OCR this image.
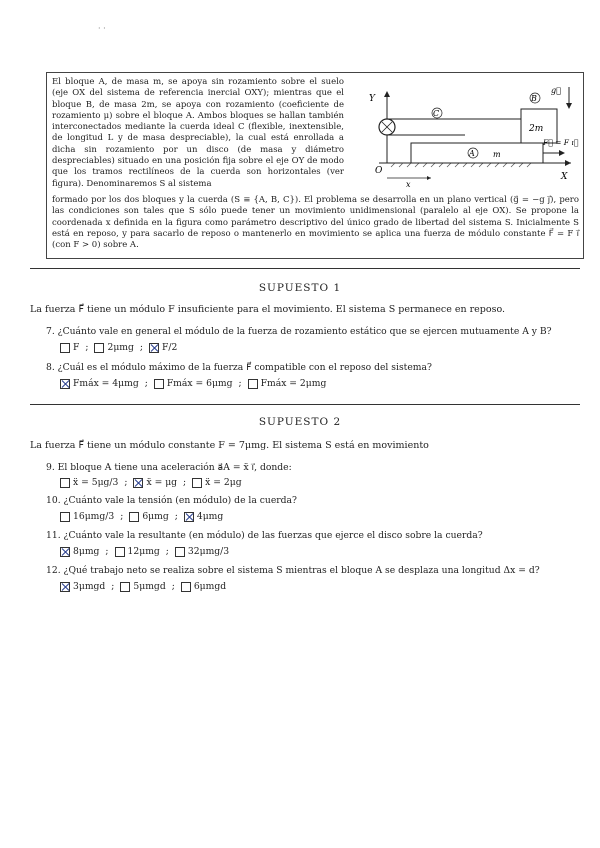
· ·

El bloque A, de masa m, se apoya sin rozamiento sobre el suelo (eje OX del sistema de referencia inercial OXY); mientras que el bloque B, de masa 2m, se apoya con rozamiento (coeficiente de rozamiento μ) sobre el bloque A. Ambos bloques se hallan también interconectados mediante la cuerda ideal C (flexible, inextensible, de longitud L y de masa despreciable), la cual está enrollada a dicha sin rozamiento por un disco (de masa y diámetro despreciables) situado en una posición fija sobre el eje OY de modo que los tramos rectilíneos de la cuerda son horizontales (ver figura). Denominaremos S al sistema

Y
X
O
C
B
2m
A m
g⃗
F⃗ = F ı⃗
x
formado por los dos bloques y la cuerda (S ≡ {A, B, C}). El problema se desarrolla en un plano vertical (g⃗ = −g ȷ⃗), pero las condiciones son tales que S sólo puede tener un movimiento unidimensional (paralelo al eje OX). Se propone la coordenada x definida en la figura como parámetro descriptivo del único grado de libertad del sistema S. Inicialmente S está en reposo, y para sacarlo de reposo o mantenerlo en movimiento se aplica una fuerza de módulo constante F⃗ = F ı⃗ (con F > 0) sobre A.
SUPUESTO 1
La fuerza F⃗ tiene un módulo F insuficiente para el movimiento. El sistema S permanece en reposo.
7. ¿Cuánto vale en general el módulo de la fuerza de rozamiento estático que se ejercen mutuamente A y B?
F ; 2μmg ; F/2
8. ¿Cuál es el módulo máximo de la fuerza F⃗ compatible con el reposo del sistema?
Fmáx = 4μmg ; Fmáx = 6μmg ; Fmáx = 2μmg
SUPUESTO 2
La fuerza F⃗ tiene un módulo constante F = 7μmg. El sistema S está en movimiento
9. El bloque A tiene una aceleración a⃗A = ẍ ı⃗, donde:
ẍ = 5μg/3 ; ẍ = μg ; ẍ = 2μg
10. ¿Cuánto vale la tensión (en módulo) de la cuerda?
16μmg/3 ; 6μmg ; 4μmg
11. ¿Cuánto vale la resultante (en módulo) de las fuerzas que ejerce el disco sobre la cuerda?
8μmg ; 12μmg ; 32μmg/3
12. ¿Qué trabajo neto se realiza sobre el sistema S mientras el bloque A se desplaza una longitud Δx = d?
3μmgd ; 5μmgd ; 6μmgd
